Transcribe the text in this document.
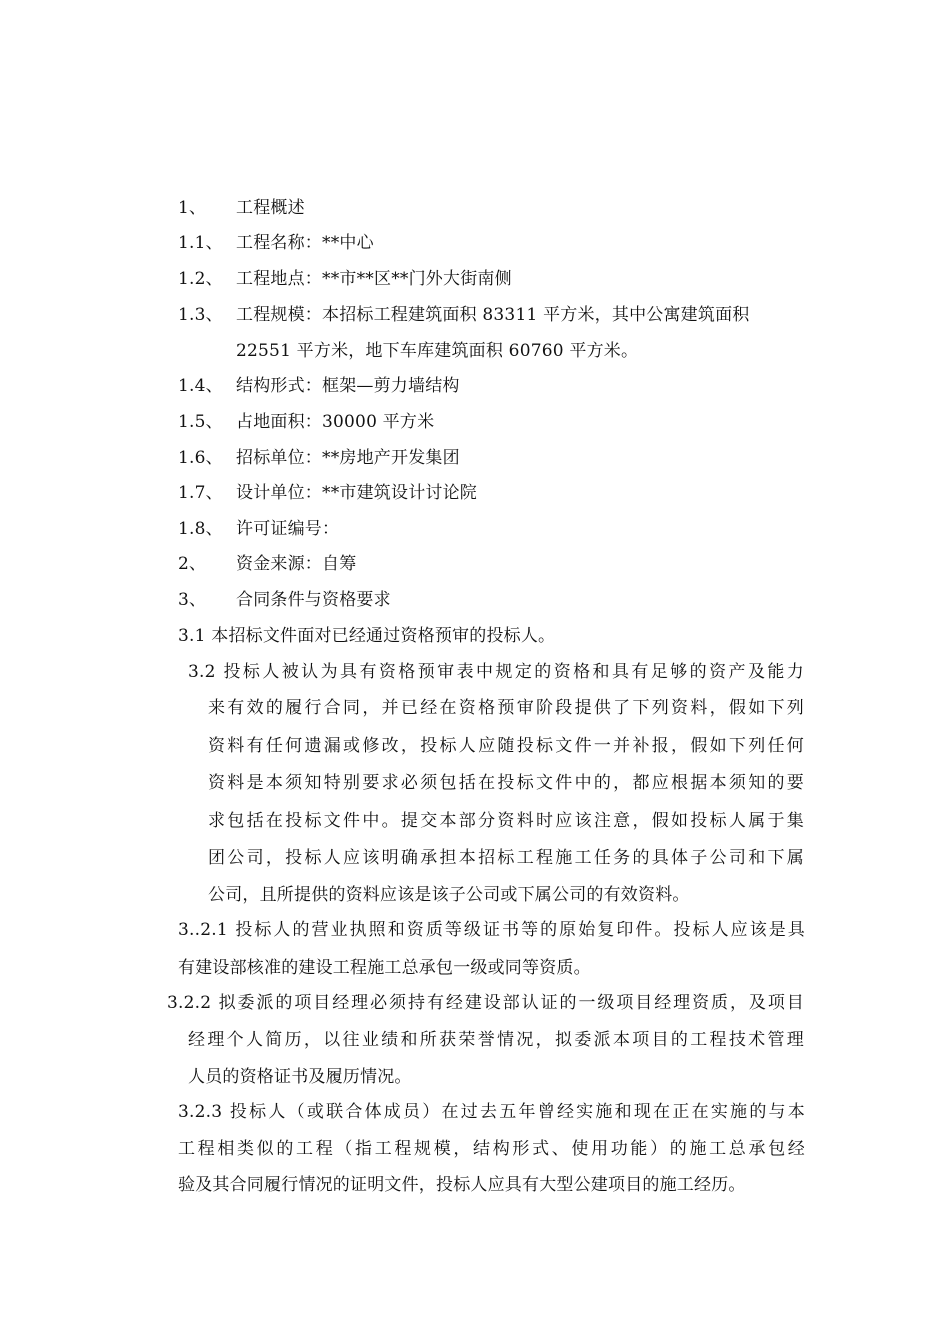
1、 工程概述
1.1、 工程名称：**中心
1.2、 工程地点：**市**区**门外大街南侧
1.3、 工程规模：本招标工程建筑面积 83311 平方米，其中公寓建筑面积
22551 平方米，地下车库建筑面积 60760 平方米。
1.4、 结构形式：框架—剪力墙结构
1.5、 占地面积：30000 平方米
1.6、 招标单位：**房地产开发集团
1.7、 设计单位：**市建筑设计讨论院
1.8、 许可证编号：
2、 资金来源：自筹
3、 合同条件与资格要求
3.1 本招标文件面对已经通过资格预审的投标人。
3.2 投标人被认为具有资格预审表中规定的资格和具有足够的资产及能力
来有效的履行合同，并已经在资格预审阶段提供了下列资料，假如下列
资料有任何遗漏或修改，投标人应随投标文件一并补报，假如下列任何
资料是本须知特别要求必须包括在投标文件中的，都应根据本须知的要
求包括在投标文件中。提交本部分资料时应该注意，假如投标人属于集
团公司，投标人应该明确承担本招标工程施工任务的具体子公司和下属
公司，且所提供的资料应该是该子公司或下属公司的有效资料。
3..2.1 投标人的营业执照和资质等级证书等的原始复印件。投标人应该是具
有建设部核准的建设工程施工总承包一级或同等资质。
3.2.2 拟委派的项目经理必须持有经建设部认证的一级项目经理资质，及项目
经理个人简历，以往业绩和所获荣誉情况，拟委派本项目的工程技术管理
人员的资格证书及履历情况。
3.2.3 投标人（或联合体成员）在过去五年曾经实施和现在正在实施的与本
工程相类似的工程（指工程规模，结构形式、使用功能）的施工总承包经
验及其合同履行情况的证明文件，投标人应具有大型公建项目的施工经历。
